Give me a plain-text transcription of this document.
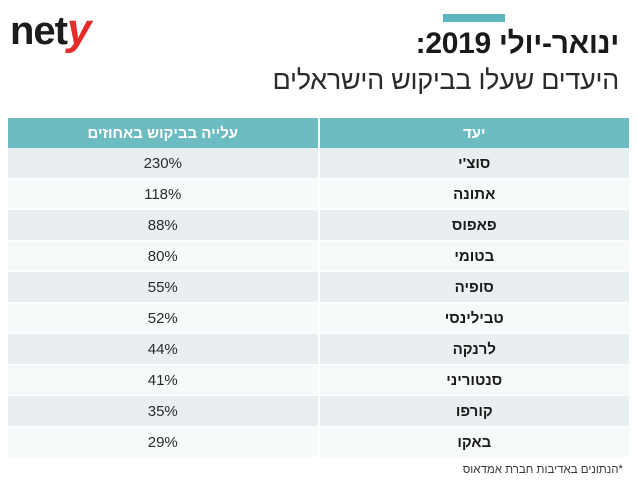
y
net	ינואר-יולי 2019:
היעדים שעלו בביקוש הישראלים
יעד	עלייה בביקוש באחוזים
סוצ'י	230%
אתונה	118%
פאפוס	88%
בטומי	80%
סופיה	55%
טבילינסי	52%
לרנקה	44%
סנטוריני	41%
קורפו	35%
באקו	29%
*הנתונים באדיבות חברת אמדאוס
